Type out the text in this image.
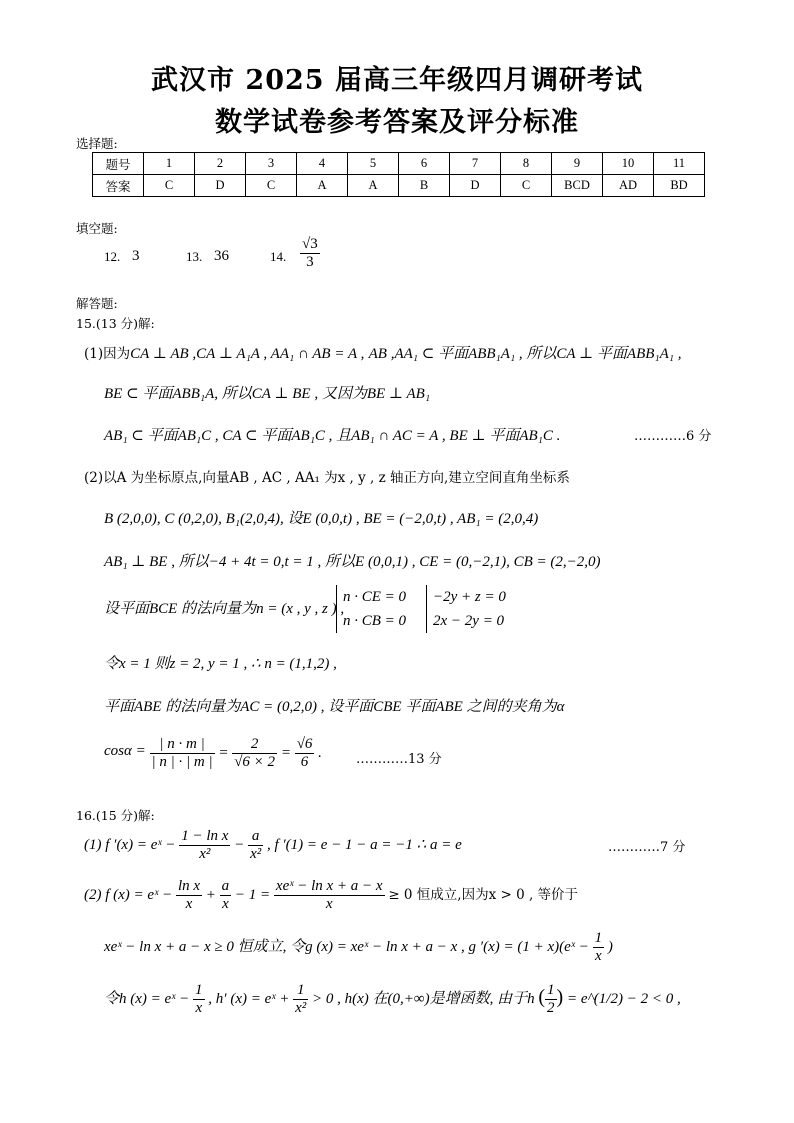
武汉市 2025 届高三年级四月调研考试
数学试卷参考答案及评分标准
选择题:
题号	1	2	3	4	5	6	7	8	9	10	11
答案	C	D	C	A	A	B	D	C	BCD	AD	BD
填空题:
12. 3	13. 36	14. $\frac{√3}{3}$
解答题:
15.(13 分)解:
(1)因为CA ⊥ AB ,CA ⊥ A₁A , AA₁ ∩ AB = A , AB ,AA₁ ⊂ 平面ABB₁A₁ , 所以CA ⊥ 平面ABB₁A₁ ,
BE ⊂ 平面ABB₁A, 所以CA ⊥ BE , 又因为BE ⊥ AB₁
AB₁ ⊂ 平面AB₁C , CA ⊂ 平面AB₁C , 且AB₁ ∩ AC = A , BE ⊥ 平面AB₁C .	…………6 分
(2)以A 为坐标原点,向量AB , AC , AA₁ 为x , y , z 轴正方向,建立空间直角坐标系
B (2,0,0), C (0,2,0), B₁(2,0,4), 设E (0,0,t) , BE = (−2,0,t) , AB₁ = (2,0,4)
AB₁ ⊥ BE , 所以−4 + 4t = 0,t = 1 , 所以E (0,0,1) , CE = (0,−2,1), CB = (2,−2,0)
设平面BCE 的法向量为n = (x , y , z ) ,
n · CE = 0
n · CB = 0
−2y + z = 0
2x − 2y = 0
令x = 1 则z = 2, y = 1 , ∴ n = (1,1,2) ,
平面ABE 的法向量为AC = (0,2,0) , 设平面CBE 平面ABE 之间的夹角为α
$\cos\alpha = \frac{| n \cdot m |}{| n | \cdot | m |} = \frac{2}{√6 \times 2} = \frac{√6}{6}$ .	…………13 分
16.(15 分)解:
(1) f ′(x) = eˣ − $\frac{\text{1 − ln x}}{\text{x²}} - \frac{a}{\text{x²}}$ , f ′(1) = e − 1 − a = −1 ∴ a = e	…………7 分
(2) f (x) = eˣ − $\frac{\text{ln x}}{x} + \frac{a}{x} - 1 = \frac{\text{xeˣ − ln x + a − x}}{x} \ge 0$ 恒成立,因为x > 0 , 等价于
xeˣ − ln x + a − x ≥ 0 恒成立, 令g (x) = xeˣ − ln x + a − x , g ′(x) = (1 + x)(eˣ − $\frac{1}{x}$ )
令h (x) = eˣ − $\frac{1}{x}$ , h′ (x) = eˣ + $\frac{1}{\text{x²}} > 0$ , h(x) 在(0,+∞)是增函数, 由于h ( $\frac{1}{2}$ ) = e^(1/2) − 2 < 0 ,
